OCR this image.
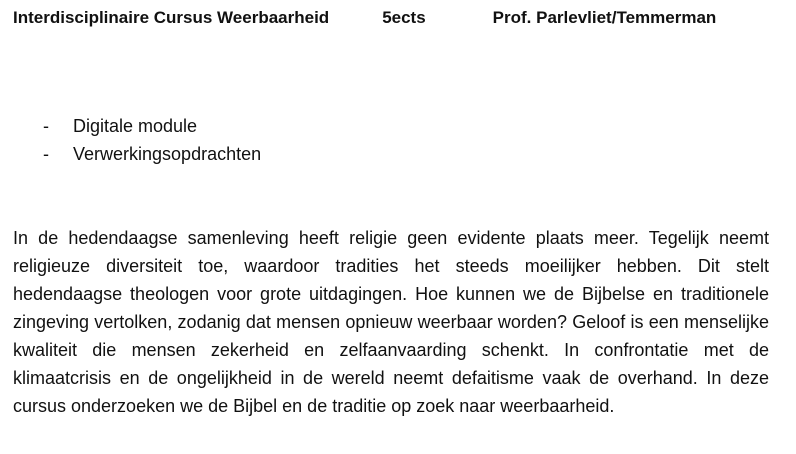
Interdisciplinaire Cursus Weerbaarheid	5ects	Prof. Parlevliet/Temmerman

-	Digitale module
-	Verwerkingsopdrachten

In de hedendaagse samenleving heeft religie geen evidente plaats meer. Tegelijk neemt religieuze diversiteit toe, waardoor tradities het steeds moeilijker hebben. Dit stelt hedendaagse theologen voor grote uitdagingen. Hoe kunnen we de Bijbelse en traditionele zingeving vertolken, zodanig dat mensen opnieuw weerbaar worden? Geloof is een menselijke kwaliteit die mensen zekerheid en zelfaanvaarding schenkt. In confrontatie met de klimaatcrisis en de ongelijkheid in de wereld neemt defaitisme vaak de overhand. In deze cursus onderzoeken we de Bijbel en de traditie op zoek naar weerbaarheid.
